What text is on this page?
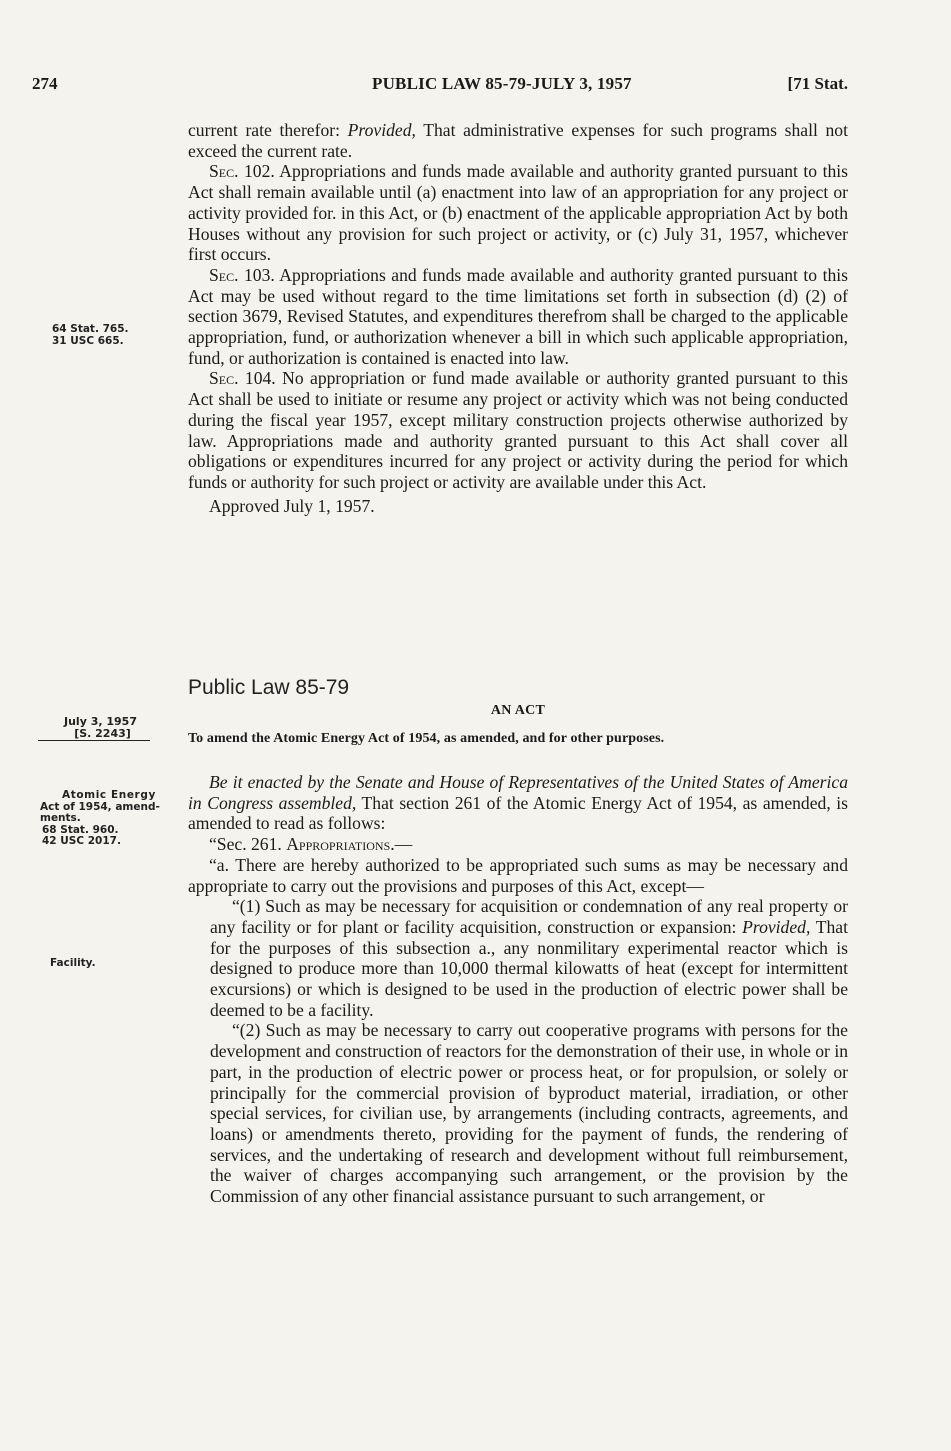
274	PUBLIC LAW 85-79-JULY 3, 1957	[71 Stat.

current rate therefor: Provided, That administrative expenses for such programs shall not exceed the current rate.

Sec. 102. Appropriations and funds made available and authority granted pursuant to this Act shall remain available until (a) enactment into law of an appropriation for any project or activity provided for. in this Act, or (b) enactment of the applicable appropriation Act by both Houses without any provision for such project or activity, or (c) July 31, 1957, whichever first occurs.

Sec. 103. Appropriations and funds made available and authority granted pursuant to this Act may be used without regard to the time limitations set forth in subsection (d) (2) of section 3679, Revised Statutes, and expenditures therefrom shall be charged to the applicable appropriation, fund, or authorization whenever a bill in which such applicable appropriation, fund, or authorization is contained is enacted into law.

Sec. 104. No appropriation or fund made available or authority granted pursuant to this Act shall be used to initiate or resume any project or activity which was not being conducted during the fiscal year 1957, except military construction projects otherwise authorized by law. Appropriations made and authority granted pursuant to this Act shall cover all obligations or expenditures incurred for any project or activity during the period for which funds or authority for such project or activity are available under this Act.

Approved July 1, 1957.

64 Stat. 765.
31 USC 665.
Public Law 85-79
July 3, 1957
[S. 2243]
AN ACT
To amend the Atomic Energy Act of 1954, as amended, and for other purposes.
Atomic Energy
Act of 1954, amend-
ments.
68 Stat. 960.
42 USC 2017.
Facility.

Be it enacted by the Senate and House of Representatives of the United States of America in Congress assembled, That section 261 of the Atomic Energy Act of 1954, as amended, is amended to read as follows:

“Sec. 261. Appropriations.—

“a. There are hereby authorized to be appropriated such sums as may be necessary and appropriate to carry out the provisions and purposes of this Act, except—

“(1) Such as may be necessary for acquisition or condemnation of any real property or any facility or for plant or facility acquisition, construction or expansion: Provided, That for the purposes of this subsection a., any nonmilitary experimental reactor which is designed to produce more than 10,000 thermal kilowatts of heat (except for intermittent excursions) or which is designed to be used in the production of electric power shall be deemed to be a facility.

“(2) Such as may be necessary to carry out cooperative programs with persons for the development and construction of reactors for the demonstration of their use, in whole or in part, in the production of electric power or process heat, or for propulsion, or solely or principally for the commercial provision of byproduct material, irradiation, or other special services, for civilian use, by arrangements (including contracts, agreements, and loans) or amendments thereto, providing for the payment of funds, the rendering of services, and the undertaking of research and development without full reimbursement, the waiver of charges accompanying such arrangement, or the provision by the Commission of any other financial assistance pursuant to such arrangement, or
